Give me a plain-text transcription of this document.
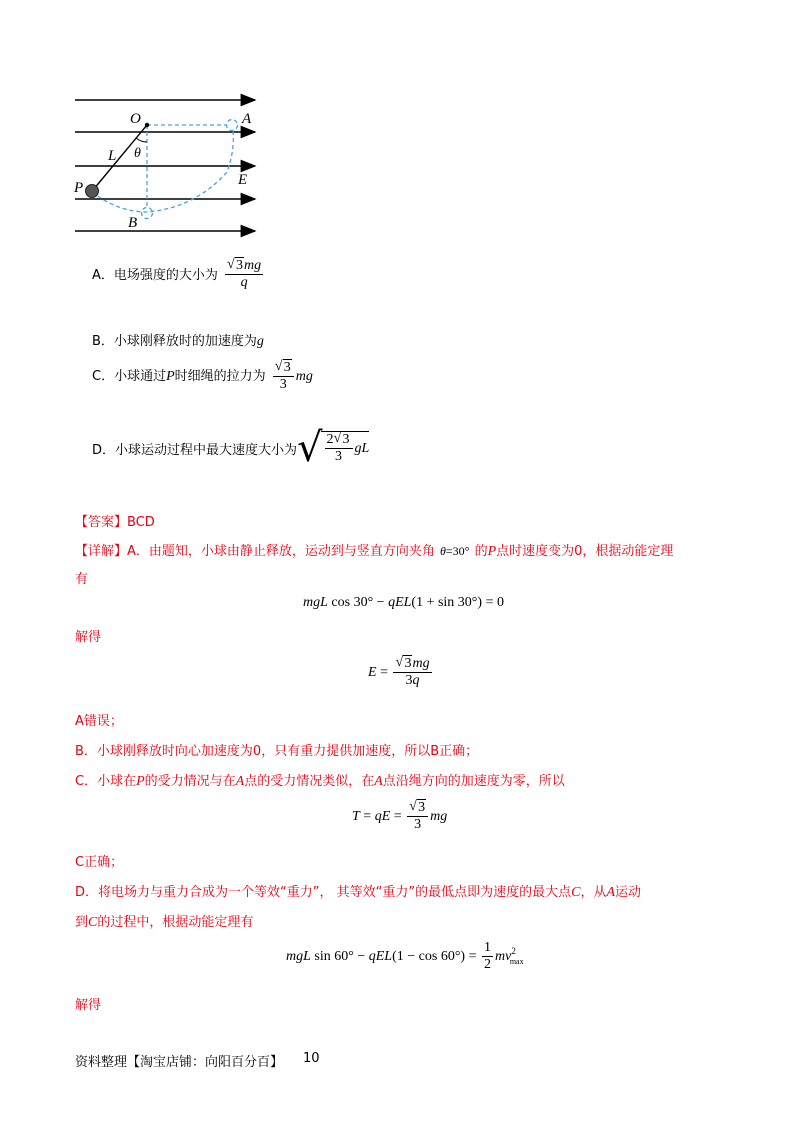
O	A
L θ
E
P
B
A．电场强度的大小为 √ $\frac{3mg}{q}$
B．小球刚释放时的加速度为g
C．小球通过P时细绳的拉力为 √ $\frac{3}{3}$ mg
D．小球运动过程中最大速度大小为 √ $\frac{2 √ 3}{3}$ gL
【答案】BCD
【详解】A．由题知，小球由静止释放，运动到与竖直方向夹角 θ=30° 的P点时速度变为0，根据动能定理
有
mgL cos 30° − qEL(1 + sin 30°) = 0
解得
E = √ $\frac{3mg}{3q}$
A错误；
B．小球刚释放时向心加速度为0，只有重力提供加速度，所以B正确；
C．小球在P的受力情况与在A点的受力情况类似，在A点沿绳方向的加速度为零，所以
T = qE = √ $\frac{3}{3}$ mg
C正确；
D．将电场力与重力合成为一个等效“重力”， 其等效“重力”的最低点即为速度的最大点C，从A运动
到C的过程中，根据动能定理有
mgL $\sin 60^\circ - qEL(1 - \cos 60^\circ) = \frac{1}{2} mv^2_{max}$
解得
资料整理【淘宝店铺：向阳百分百】 10
